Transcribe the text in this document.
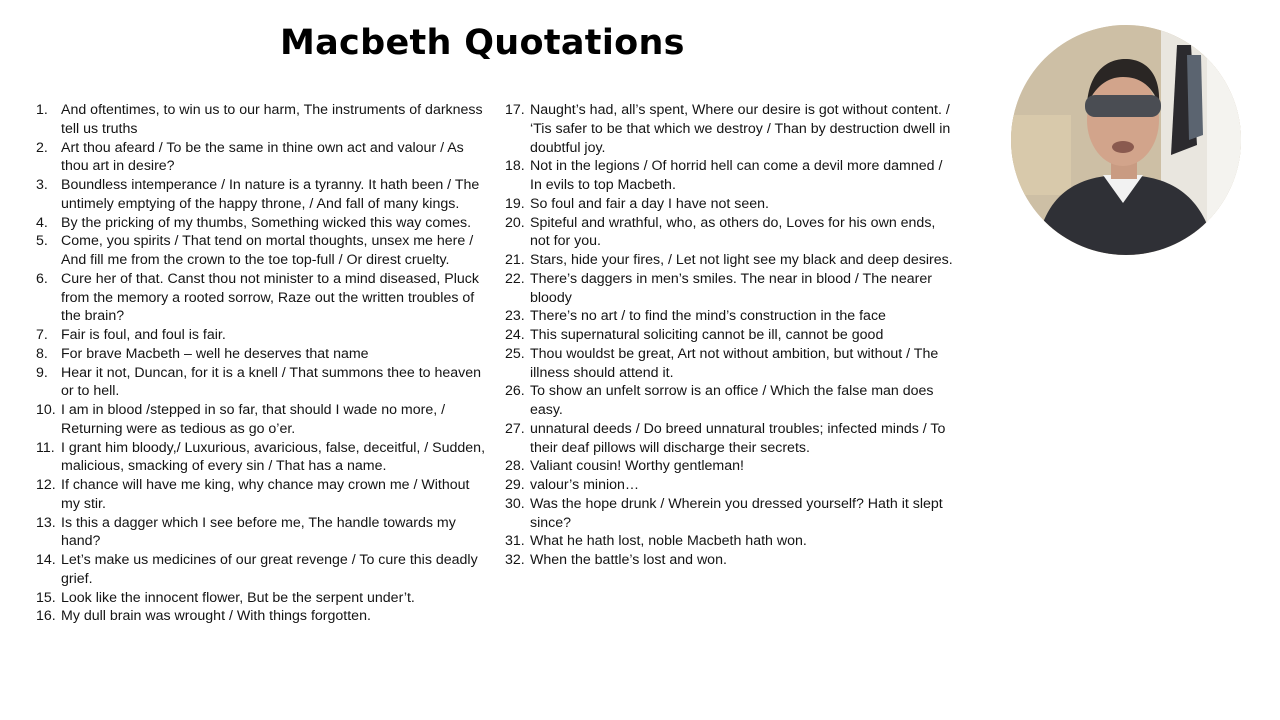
Macbeth Quotations
1. And oftentimes, to win us to our harm, The instruments of darkness tell us truths
2. Art thou afeard / To be the same in thine own act and valour / As thou art in desire?
3. Boundless intemperance / In nature is a tyranny. It hath been / The untimely emptying of the happy throne, / And fall of many kings.
4. By the pricking of my thumbs, Something wicked this way comes.
5. Come, you spirits / That tend on mortal thoughts, unsex me here / And fill me from the crown to the toe top-full / Or direst cruelty.
6. Cure her of that. Canst thou not minister to a mind diseased, Pluck from the memory a rooted sorrow, Raze out the written troubles of the brain?
7. Fair is foul, and foul is fair.
8. For brave Macbeth – well he deserves that name
9. Hear it not, Duncan, for it is a knell / That summons thee to heaven or to hell.
10. I am in blood /stepped in so far, that should I wade no more, / Returning were as tedious as go o’er.
11. I grant him bloody,/ Luxurious, avaricious, false, deceitful, / Sudden, malicious, smacking of every sin / That has a name.
12. If chance will have me king, why chance may crown me / Without my stir.
13. Is this a dagger which I see before me, The handle towards my hand?
14. Let’s make us medicines of our great revenge / To cure this deadly grief.
15. Look like the innocent flower, But be the serpent under’t.
16. My dull brain was wrought / With things forgotten.
17. Naught’s had, all’s spent, Where our desire is got without content. / ‘Tis safer to be that which we destroy / Than by destruction dwell in doubtful joy.
18. Not in the legions / Of horrid hell can come a devil more damned / In evils to top Macbeth.
19. So foul and fair a day I have not seen.
20. Spiteful and wrathful, who, as others do, Loves for his own ends, not for you.
21. Stars, hide your fires, / Let not light see my black and deep desires.
22. There’s daggers in men’s smiles. The near in blood / The nearer bloody
23. There’s no art / to find the mind’s construction in the face
24. This supernatural soliciting cannot be ill, cannot be good
25. Thou wouldst be great, Art not without ambition, but without / The illness should attend it.
26. To show an unfelt sorrow is an office / Which the false man does easy.
27. unnatural deeds / Do breed unnatural troubles; infected minds / To their deaf pillows will discharge their secrets.
28. Valiant cousin! Worthy gentleman!
29. valour’s minion…
30. Was the hope drunk / Wherein you dressed yourself? Hath it slept since?
31. What he hath lost, noble Macbeth hath won.
32. When the battle’s lost and won.
